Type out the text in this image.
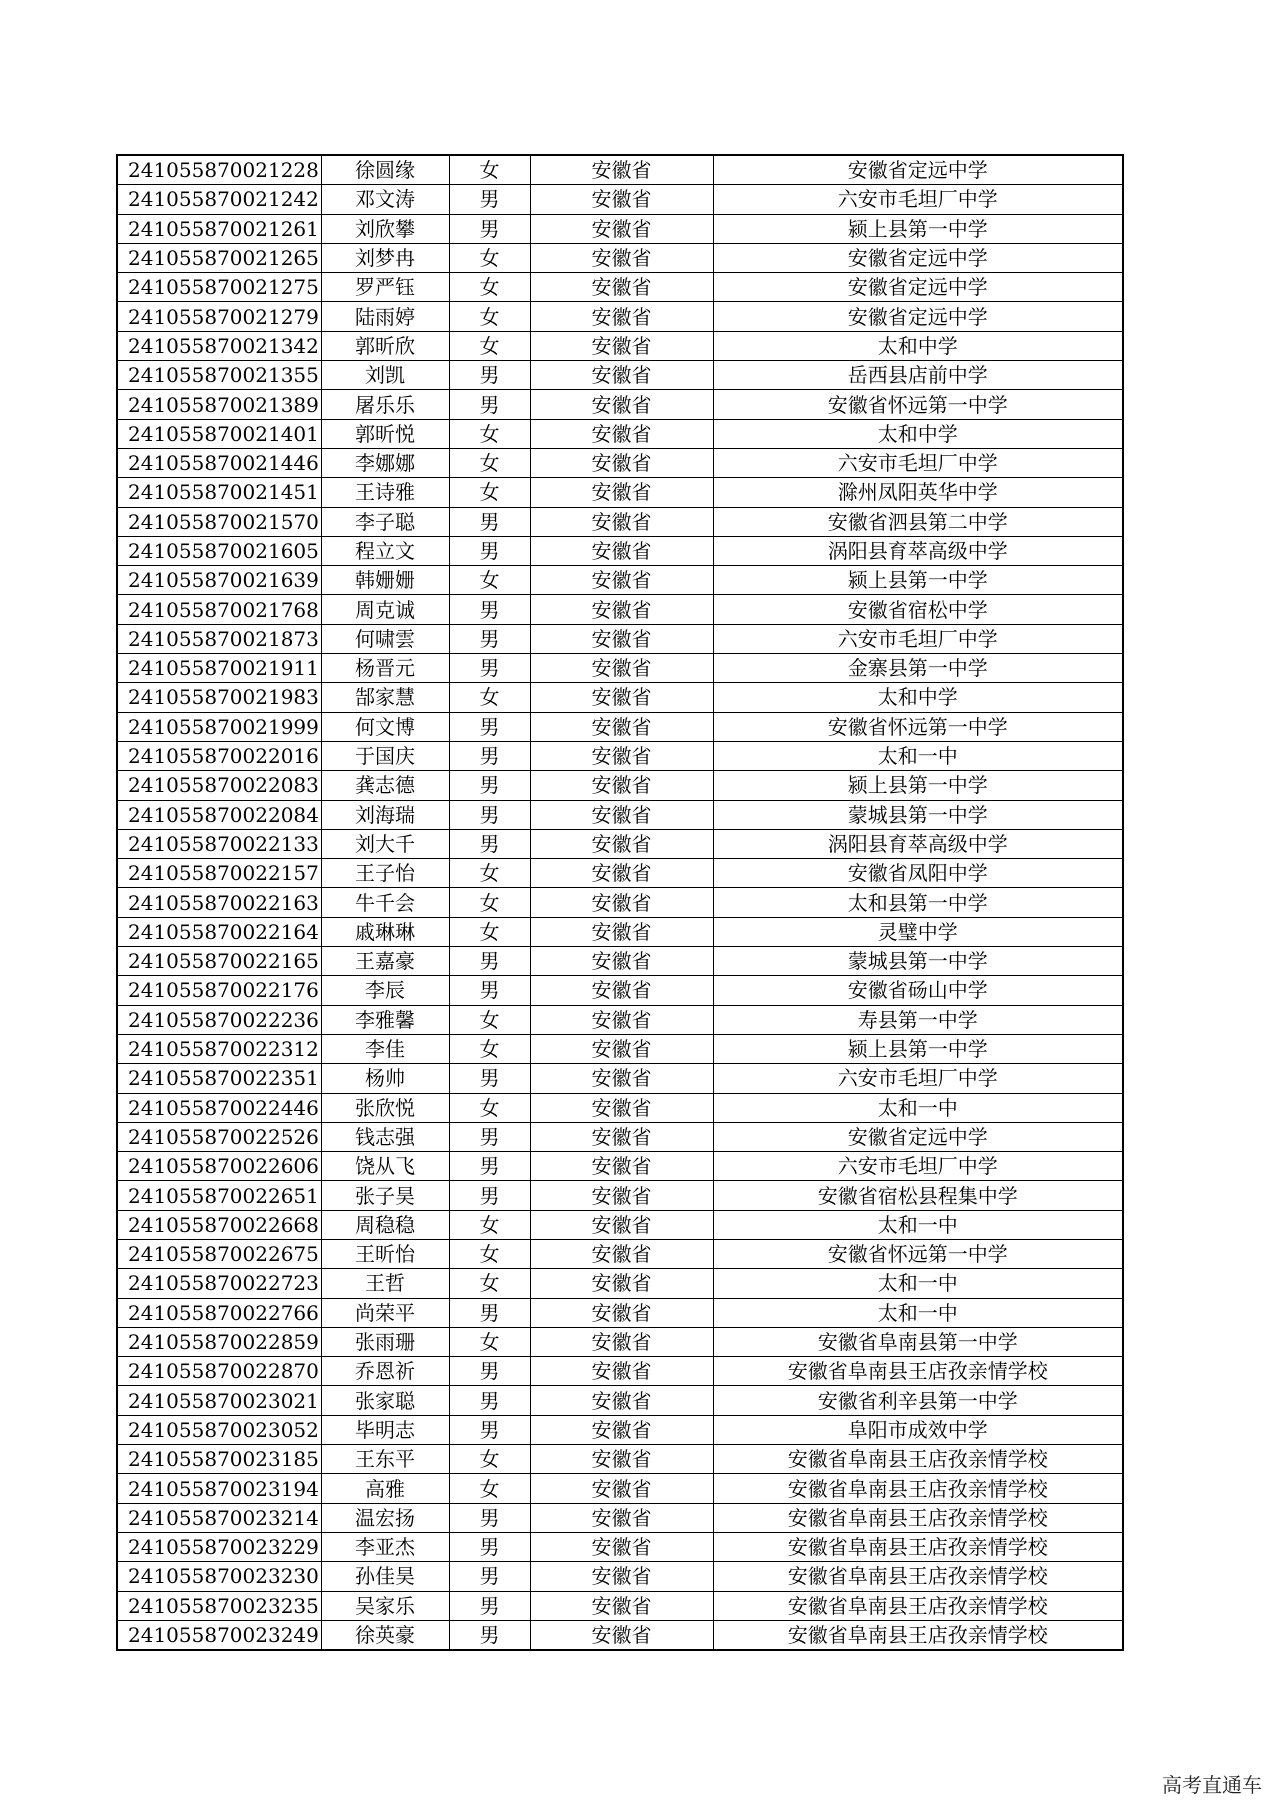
241055870021228	徐圆缘	女	安徽省	安徽省定远中学
241055870021242	邓文涛	男	安徽省	六安市毛坦厂中学
241055870021261	刘欣攀	男	安徽省	颍上县第一中学
241055870021265	刘梦冉	女	安徽省	安徽省定远中学
241055870021275	罗严钰	女	安徽省	安徽省定远中学
241055870021279	陆雨婷	女	安徽省	安徽省定远中学
241055870021342	郭昕欣	女	安徽省	太和中学
241055870021355	刘凯	男	安徽省	岳西县店前中学
241055870021389	屠乐乐	男	安徽省	安徽省怀远第一中学
241055870021401	郭昕悦	女	安徽省	太和中学
241055870021446	李娜娜	女	安徽省	六安市毛坦厂中学
241055870021451	王诗雅	女	安徽省	滁州凤阳英华中学
241055870021570	李子聪	男	安徽省	安徽省泗县第二中学
241055870021605	程立文	男	安徽省	涡阳县育萃高级中学
241055870021639	韩姗姗	女	安徽省	颍上县第一中学
241055870021768	周克诚	男	安徽省	安徽省宿松中学
241055870021873	何啸雲	男	安徽省	六安市毛坦厂中学
241055870021911	杨晋元	男	安徽省	金寨县第一中学
241055870021983	郜家慧	女	安徽省	太和中学
241055870021999	何文博	男	安徽省	安徽省怀远第一中学
241055870022016	于国庆	男	安徽省	太和一中
241055870022083	龚志德	男	安徽省	颍上县第一中学
241055870022084	刘海瑞	男	安徽省	蒙城县第一中学
241055870022133	刘大千	男	安徽省	涡阳县育萃高级中学
241055870022157	王子怡	女	安徽省	安徽省凤阳中学
241055870022163	牛千会	女	安徽省	太和县第一中学
241055870022164	戚琳琳	女	安徽省	灵璧中学
241055870022165	王嘉豪	男	安徽省	蒙城县第一中学
241055870022176	李辰	男	安徽省	安徽省砀山中学
241055870022236	李雅馨	女	安徽省	寿县第一中学
241055870022312	李佳	女	安徽省	颍上县第一中学
241055870022351	杨帅	男	安徽省	六安市毛坦厂中学
241055870022446	张欣悦	女	安徽省	太和一中
241055870022526	钱志强	男	安徽省	安徽省定远中学
241055870022606	饶从飞	男	安徽省	六安市毛坦厂中学
241055870022651	张子昊	男	安徽省	安徽省宿松县程集中学
241055870022668	周稳稳	女	安徽省	太和一中
241055870022675	王昕怡	女	安徽省	安徽省怀远第一中学
241055870022723	王哲	女	安徽省	太和一中
241055870022766	尚荣平	男	安徽省	太和一中
241055870022859	张雨珊	女	安徽省	安徽省阜南县第一中学
241055870022870	乔恩祈	男	安徽省	安徽省阜南县王店孜亲情学校
241055870023021	张家聪	男	安徽省	安徽省利辛县第一中学
241055870023052	毕明志	男	安徽省	阜阳市成效中学
241055870023185	王东平	女	安徽省	安徽省阜南县王店孜亲情学校
241055870023194	高雅	女	安徽省	安徽省阜南县王店孜亲情学校
241055870023214	温宏扬	男	安徽省	安徽省阜南县王店孜亲情学校
241055870023229	李亚杰	男	安徽省	安徽省阜南县王店孜亲情学校
241055870023230	孙佳昊	男	安徽省	安徽省阜南县王店孜亲情学校
241055870023235	吴家乐	男	安徽省	安徽省阜南县王店孜亲情学校
241055870023249	徐英豪	男	安徽省	安徽省阜南县王店孜亲情学校
高考直通车
